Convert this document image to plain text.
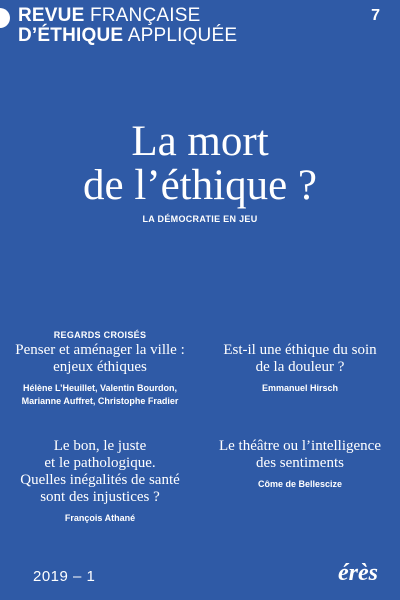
REVUE FRANÇAISE
D’ÉTHIQUE APPLIQUÉE
7
La mort
de l’éthique ?
LA DÉMOCRATIE EN JEU
REGARDS CROISÉS
Penser et aménager la ville :
enjeux éthiques
Hélène L’Heuillet, Valentin Bourdon,
Marianne Auffret, Christophe Fradier
Est-il une éthique du soin
de la douleur ?
Emmanuel Hirsch
Le bon, le juste
et le pathologique.
Quelles inégalités de santé
sont des injustices ?
François Athané
Le théâtre ou l’intelligence
des sentiments
Côme de Bellescize
2019 – 1	érès
